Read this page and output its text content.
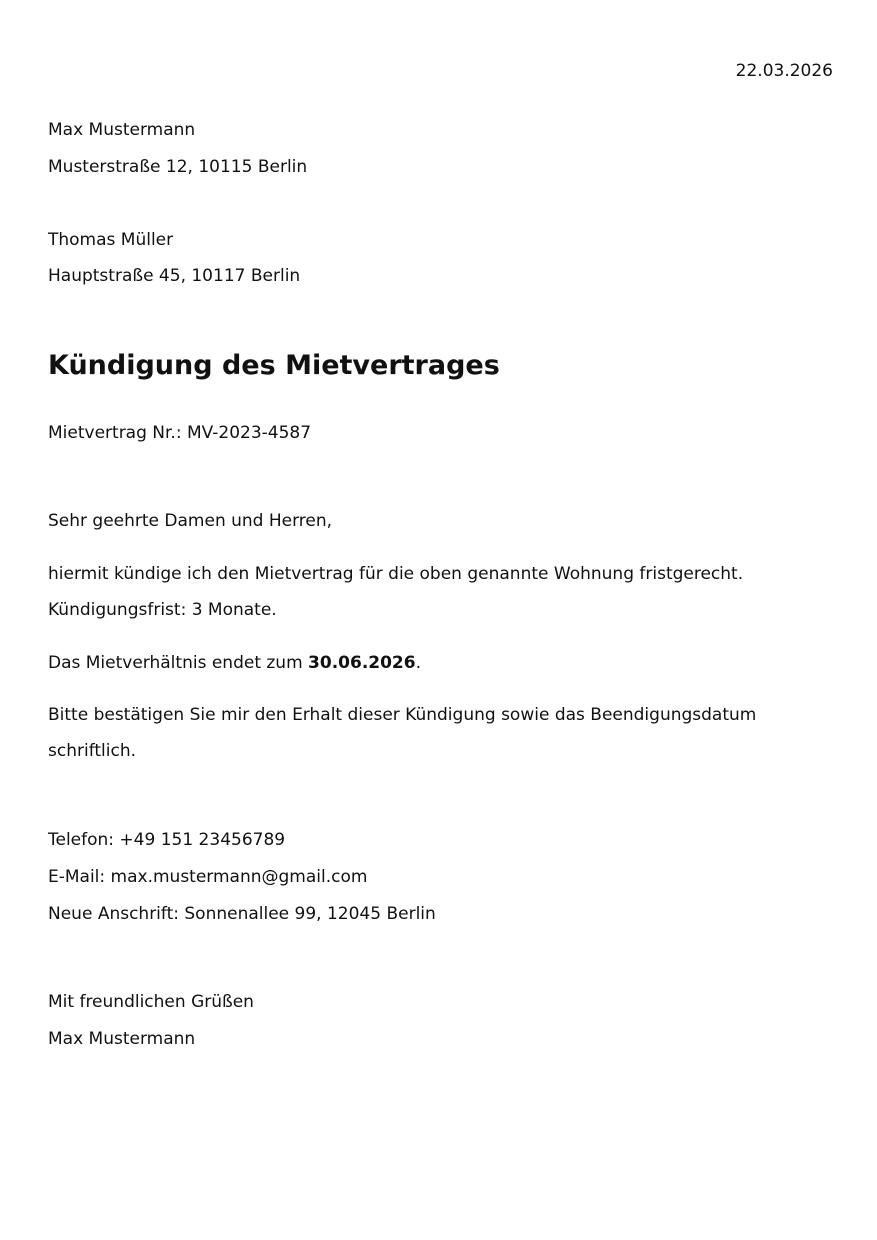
22.03.2026
Max Mustermann
Musterstraße 12, 10115 Berlin
Thomas Müller
Hauptstraße 45, 10117 Berlin
Kündigung des Mietvertrages
Mietvertrag Nr.: MV-2023-4587
Sehr geehrte Damen und Herren,
hiermit kündige ich den Mietvertrag für die oben genannte Wohnung fristgerecht.
Kündigungsfrist: 3 Monate.
Das Mietverhältnis endet zum 30.06.2026.
Bitte bestätigen Sie mir den Erhalt dieser Kündigung sowie das Beendigungsdatum
schriftlich.
Telefon: +49 151 23456789
E-Mail: max.mustermann@gmail.com
Neue Anschrift: Sonnenallee 99, 12045 Berlin
Mit freundlichen Grüßen
Max Mustermann
